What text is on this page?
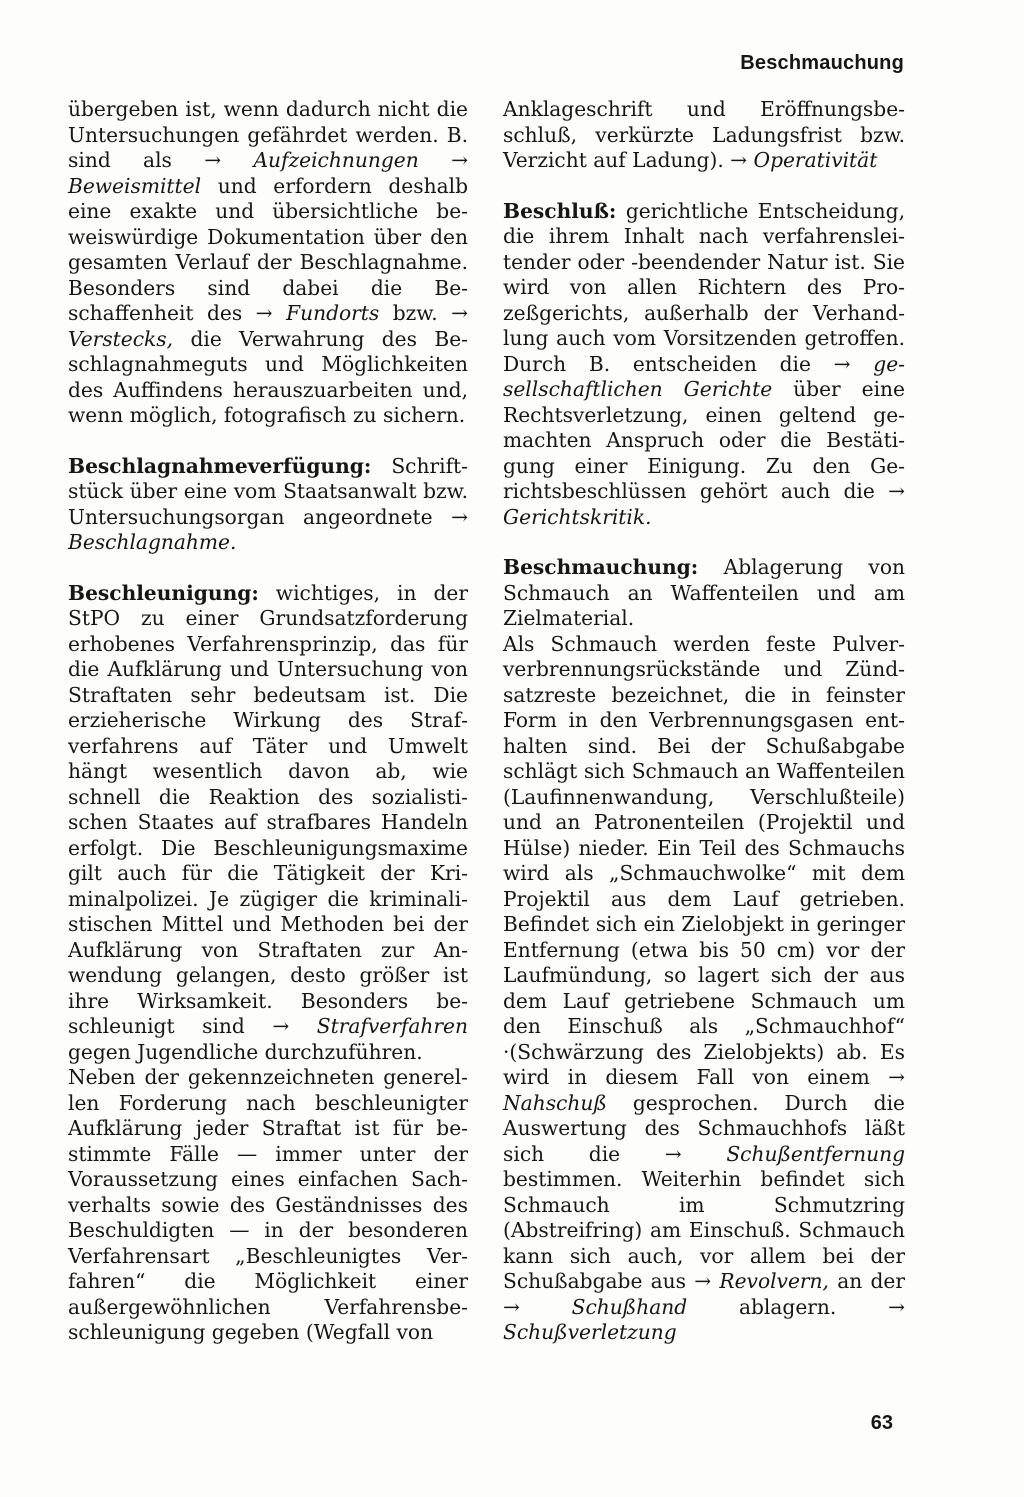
Beschmauchung

übergeben ist, wenn dadurch nicht die Untersuchungen gefährdet werden. B. sind als → Aufzeichnungen → Beweismittel und erfordern deshalb eine exakte und übersichtliche beweiswürdige Dokumentation über den gesamten Verlauf der Beschlagnahme. Besonders sind dabei die Beschaffenheit des → Fundorts bzw. → Verstecks, die Verwahrung des Beschlagnahmeguts und Möglichkeiten des Auffindens herauszuarbeiten und, wenn möglich, fotografisch zu sichern.

Beschlagnahmeverfügung: Schriftstück über eine vom Staatsanwalt bzw. Untersuchungsorgan angeordnete → Beschlagnahme.

Beschleunigung: wichtiges, in der StPO zu einer Grundsatzforderung erhobenes Verfahrensprinzip, das für die Aufklärung und Untersuchung von Straftaten sehr bedeutsam ist. Die erzieherische Wirkung des Strafverfahrens auf Täter und Umwelt hängt wesentlich davon ab, wie schnell die Reaktion des sozialistischen Staates auf strafbares Handeln erfolgt. Die Beschleunigungsmaxime gilt auch für die Tätigkeit der Kriminalpolizei. Je zügiger die kriminalistischen Mittel und Methoden bei der Aufklärung von Straftaten zur Anwendung gelangen, desto größer ist ihre Wirksamkeit. Besonders beschleunigt sind → Strafverfahren gegen Jugendliche durchzuführen.

Neben der gekennzeichneten generellen Forderung nach beschleunigter Aufklärung jeder Straftat ist für bestimmte Fälle — immer unter der Voraussetzung eines einfachen Sachverhalts sowie des Geständnisses des Beschuldigten — in der besonderen Verfahrensart „Beschleunigtes Verfahren“ die Möglichkeit einer außergewöhnlichen Verfahrensbeschleunigung gegeben (Wegfall von

Anklageschrift und Eröffnungsbeschluß, verkürzte Ladungsfrist bzw. Verzicht auf Ladung). → Operativität

Beschluß: gerichtliche Entscheidung, die ihrem Inhalt nach verfahrensleitender oder -beendender Natur ist. Sie wird von allen Richtern des Prozeßgerichts, außerhalb der Verhandlung auch vom Vorsitzenden getroffen. Durch B. entscheiden die → gesellschaftlichen Gerichte über eine Rechtsverletzung, einen geltend gemachten Anspruch oder die Bestätigung einer Einigung. Zu den Gerichtsbeschlüssen gehört auch die → Gerichtskritik.

Beschmauchung: Ablagerung von Schmauch an Waffenteilen und am Zielmaterial.

Als Schmauch werden feste Pulververbrennungsrückstände und Zündsatzreste bezeichnet, die in feinster Form in den Verbrennungsgasen enthalten sind. Bei der Schußabgabe schlägt sich Schmauch an Waffenteilen (Laufinnenwandung, Verschlußteile) und an Patronenteilen (Projektil und Hülse) nieder. Ein Teil des Schmauchs wird als „Schmauchwolke“ mit dem Projektil aus dem Lauf getrieben. Befindet sich ein Zielobjekt in geringer Entfernung (etwa bis 50 cm) vor der Laufmündung, so lagert sich der aus dem Lauf getriebene Schmauch um den Einschuß als „Schmauchhof“ ·(Schwärzung des Zielobjekts) ab. Es wird in diesem Fall von einem → Nahschuß gesprochen. Durch die Auswertung des Schmauchhofs läßt sich die → Schußentfernung bestimmen. Weiterhin befindet sich Schmauch im Schmutzring (Abstreifring) am Einschuß. Schmauch kann sich auch, vor allem bei der Schußabgabe aus → Revolvern, an der → Schußhand ablagern. → Schußverletzung

63
